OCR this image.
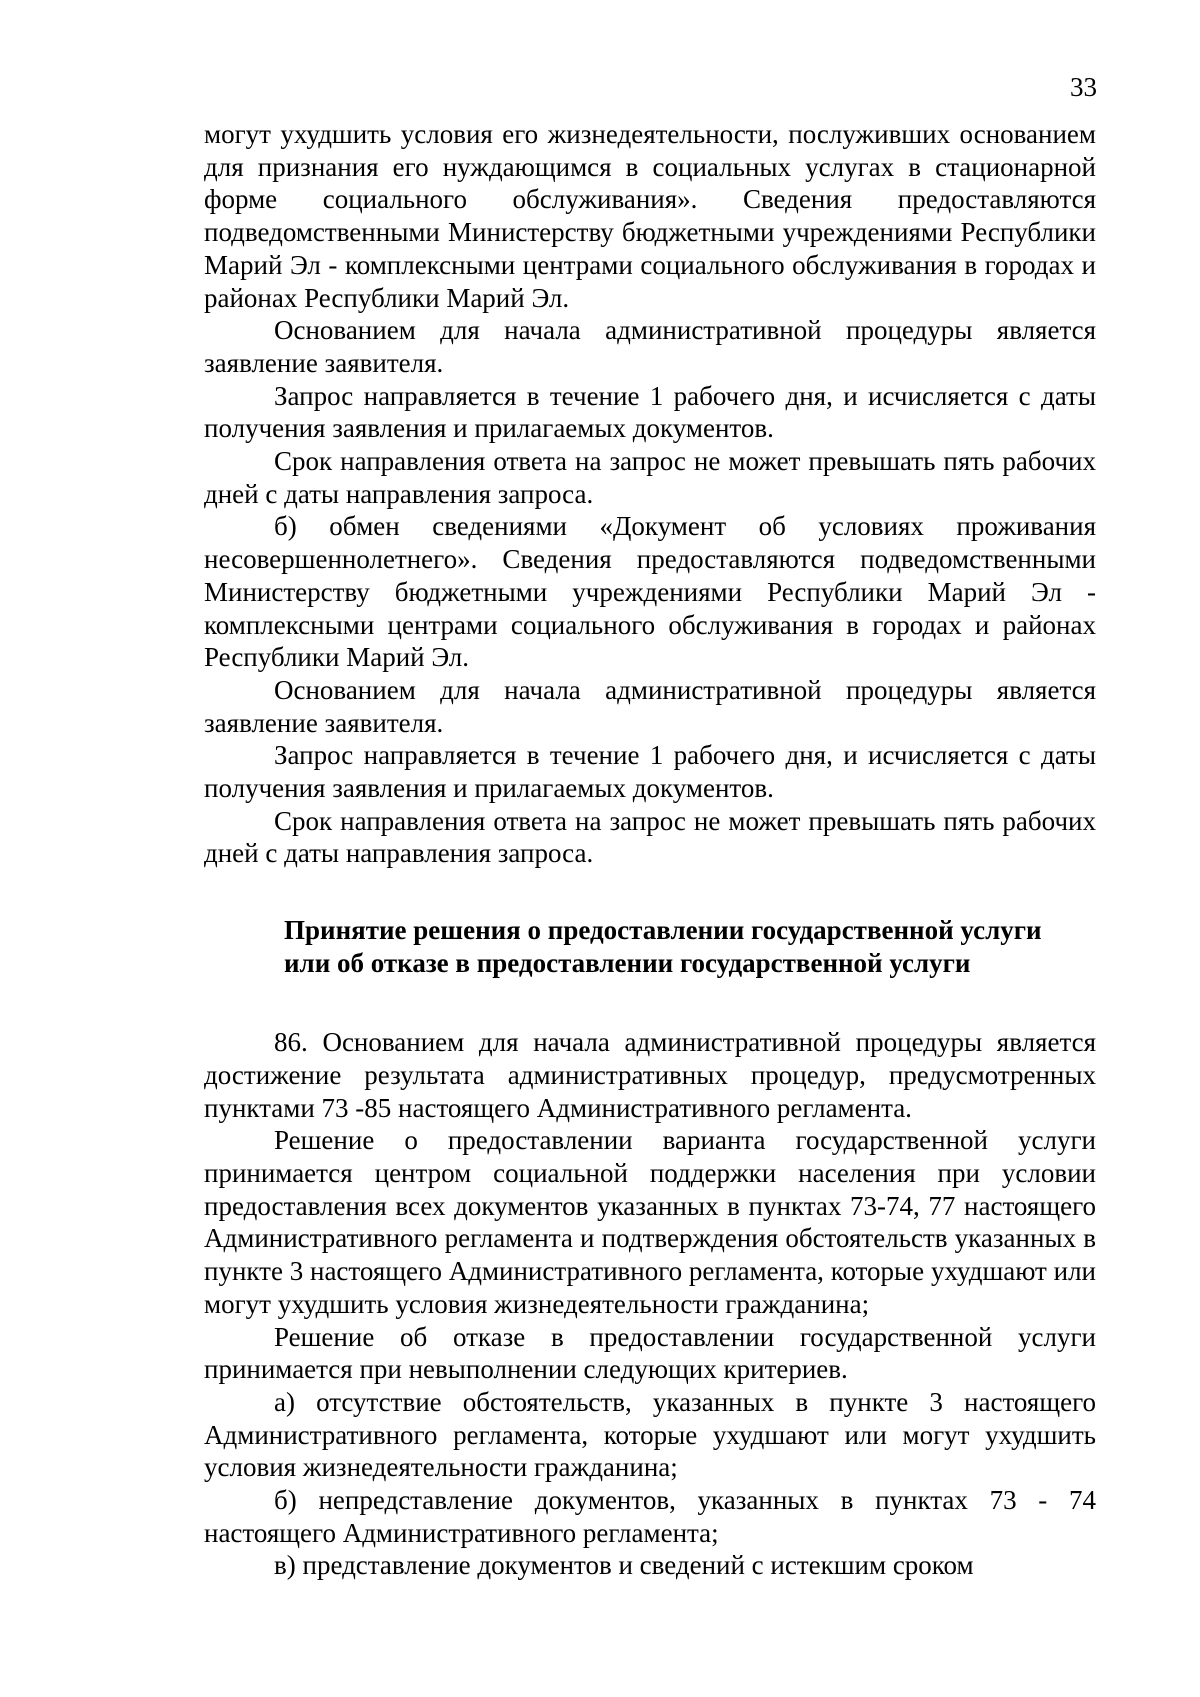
33

могут ухудшить условия его жизнедеятельности, послуживших основанием для признания его нуждающимся в социальных услугах в стационарной форме социального обслуживания». Сведения предоставляются подведомственными Министерству бюджетными учреждениями Республики Марий Эл - комплексными центрами социального обслуживания в городах и районах Республики Марий Эл.

Основанием для начала административной процедуры является заявление заявителя.

Запрос направляется в течение 1 рабочего дня, и исчисляется с даты получения заявления и прилагаемых документов.

Срок направления ответа на запрос не может превышать пять рабочих дней с даты направления запроса.

б) обмен сведениями «Документ об условиях проживания несовершеннолетнего». Сведения предоставляются подведомственными Министерству бюджетными учреждениями Республики Марий Эл - комплексными центрами социального обслуживания в городах и районах Республики Марий Эл.

Основанием для начала административной процедуры является заявление заявителя.

Запрос направляется в течение 1 рабочего дня, и исчисляется с даты получения заявления и прилагаемых документов.

Срок направления ответа на запрос не может превышать пять рабочих дней с даты направления запроса.

Принятие решения о предоставлении государственной услуги
или об отказе в предоставлении государственной услуги

86. Основанием для начала административной процедуры является достижение результата административных процедур, предусмотренных пунктами 73 -85 настоящего Административного регламента.

Решение о предоставлении варианта государственной услуги принимается центром социальной поддержки населения при условии предоставления всех документов указанных в пунктах 73-74, 77 настоящего Административного регламента и подтверждения обстоятельств указанных в пункте 3 настоящего Административного регламента, которые ухудшают или могут ухудшить условия жизнедеятельности гражданина;

Решение об отказе в предоставлении государственной услуги принимается при невыполнении следующих критериев.

а) отсутствие обстоятельств, указанных в пункте 3 настоящего Административного регламента, которые ухудшают или могут ухудшить условия жизнедеятельности гражданина;

б) непредставление документов, указанных в пунктах 73 - 74 настоящего Административного регламента;

в) представление документов и сведений с истекшим сроком
